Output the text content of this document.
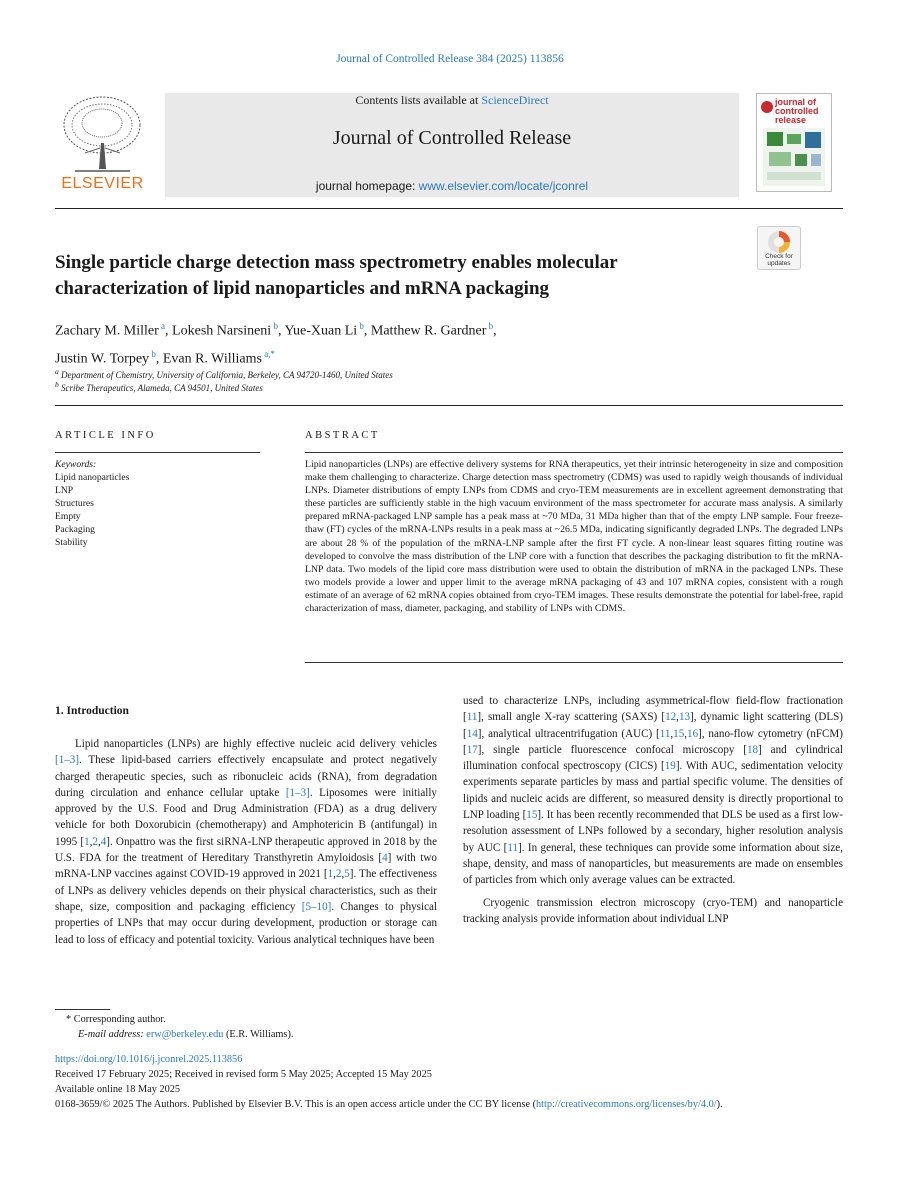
Journal of Controlled Release 384 (2025) 113856
ELSEVIER
Contents lists available at ScienceDirect
Journal of Controlled Release
journal homepage: www.elsevier.com/locate/jconrel
journal of controlled release
Check for updates
Single particle charge detection mass spectrometry enables molecular characterization of lipid nanoparticles and mRNA packaging
Zachary M. Miller $^a$, Lokesh Narsineni $^b$, Yue-Xuan Li $^b$, Matthew R. Gardner $^b$,
Justin W. Torpey $^b$, Evan R. Williams $^{a,*}$
$^a$ Department of Chemistry, University of California, Berkeley, CA 94720-1460, United States
$^b$ Scribe Therapeutics, Alameda, CA 94501, United States
ARTICLE INFO	ABSTRACT
Keywords:
Lipid nanoparticles
LNP
Structures
Empty
Packaging
Stability
Lipid nanoparticles (LNPs) are effective delivery systems for RNA therapeutics, yet their intrinsic heterogeneity in size and composition make them challenging to characterize. Charge detection mass spectrometry (CDMS) was used to rapidly weigh thousands of individual LNPs. Diameter distributions of empty LNPs from CDMS and cryo-TEM measurements are in excellent agreement demonstrating that these particles are sufficiently stable in the high vacuum environment of the mass spectrometer for accurate mass analysis. A similarly prepared mRNA-packaged LNP sample has a peak mass at ~70 MDa, 31 MDa higher than that of the empty LNP sample. Four freeze-thaw (FT) cycles of the mRNA-LNPs results in a peak mass at ~26.5 MDa, indicating significantly degraded LNPs. The degraded LNPs are about 28 % of the population of the mRNA-LNP sample after the first FT cycle. A non-linear least squares fitting routine was developed to convolve the mass distribution of the LNP core with a function that describes the packaging distribution to fit the mRNA-LNP data. Two models of the lipid core mass distribution were used to obtain the distribution of mRNA in the packaged LNPs. These two models provide a lower and upper limit to the average mRNA packaging of 43 and 107 mRNA copies, consistent with a rough estimate of an average of 62 mRNA copies obtained from cryo-TEM images. These results demonstrate the potential for label-free, rapid characterization of mass, diameter, packaging, and stability of LNPs with CDMS.
1. Introduction

Lipid nanoparticles (LNPs) are highly effective nucleic acid delivery vehicles [1–3]. These lipid-based carriers effectively encapsulate and protect negatively charged therapeutic species, such as ribonucleic acids (RNA), from degradation during circulation and enhance cellular uptake [1–3]. Liposomes were initially approved by the U.S. Food and Drug Administration (FDA) as a drug delivery vehicle for both Doxorubicin (chemotherapy) and Amphotericin B (antifungal) in 1995 [1,2,4]. Onpattro was the first siRNA-LNP therapeutic approved in 2018 by the U.S. FDA for the treatment of Hereditary Transthyretin Amyloidosis [4] with two mRNA-LNP vaccines against COVID-19 approved in 2021 [1,2,5]. The effectiveness of LNPs as delivery vehicles depends on their physical characteristics, such as their shape, size, composition and packaging efficiency [5–10]. Changes to physical properties of LNPs that may occur during development, production or storage can lead to loss of efficacy and potential toxicity. Various analytical techniques have been

used to characterize LNPs, including asymmetrical-flow field-flow fractionation [11], small angle X-ray scattering (SAXS) [12,13], dynamic light scattering (DLS) [14], analytical ultracentrifugation (AUC) [11,15,16], nano-flow cytometry (nFCM) [17], single particle fluorescence confocal microscopy [18] and cylindrical illumination confocal spectroscopy (CICS) [19]. With AUC, sedimentation velocity experiments separate particles by mass and partial specific volume. The densities of lipids and nucleic acids are different, so measured density is directly proportional to LNP loading [15]. It has been recently recommended that DLS be used as a first low-resolution assessment of LNPs followed by a secondary, higher resolution analysis by AUC [11]. In general, these techniques can provide some information about size, shape, density, and mass of nanoparticles, but measurements are made on ensembles of particles from which only average values can be extracted.

Cryogenic transmission electron microscopy (cryo-TEM) and nanoparticle tracking analysis provide information about individual LNP

* Corresponding author.
E-mail address: erw@berkeley.edu (E.R. Williams).
https://doi.org/10.1016/j.jconrel.2025.113856
Received 17 February 2025; Received in revised form 5 May 2025; Accepted 15 May 2025
Available online 18 May 2025
0168-3659/© 2025 The Authors. Published by Elsevier B.V. This is an open access article under the CC BY license (http://creativecommons.org/licenses/by/4.0/).
